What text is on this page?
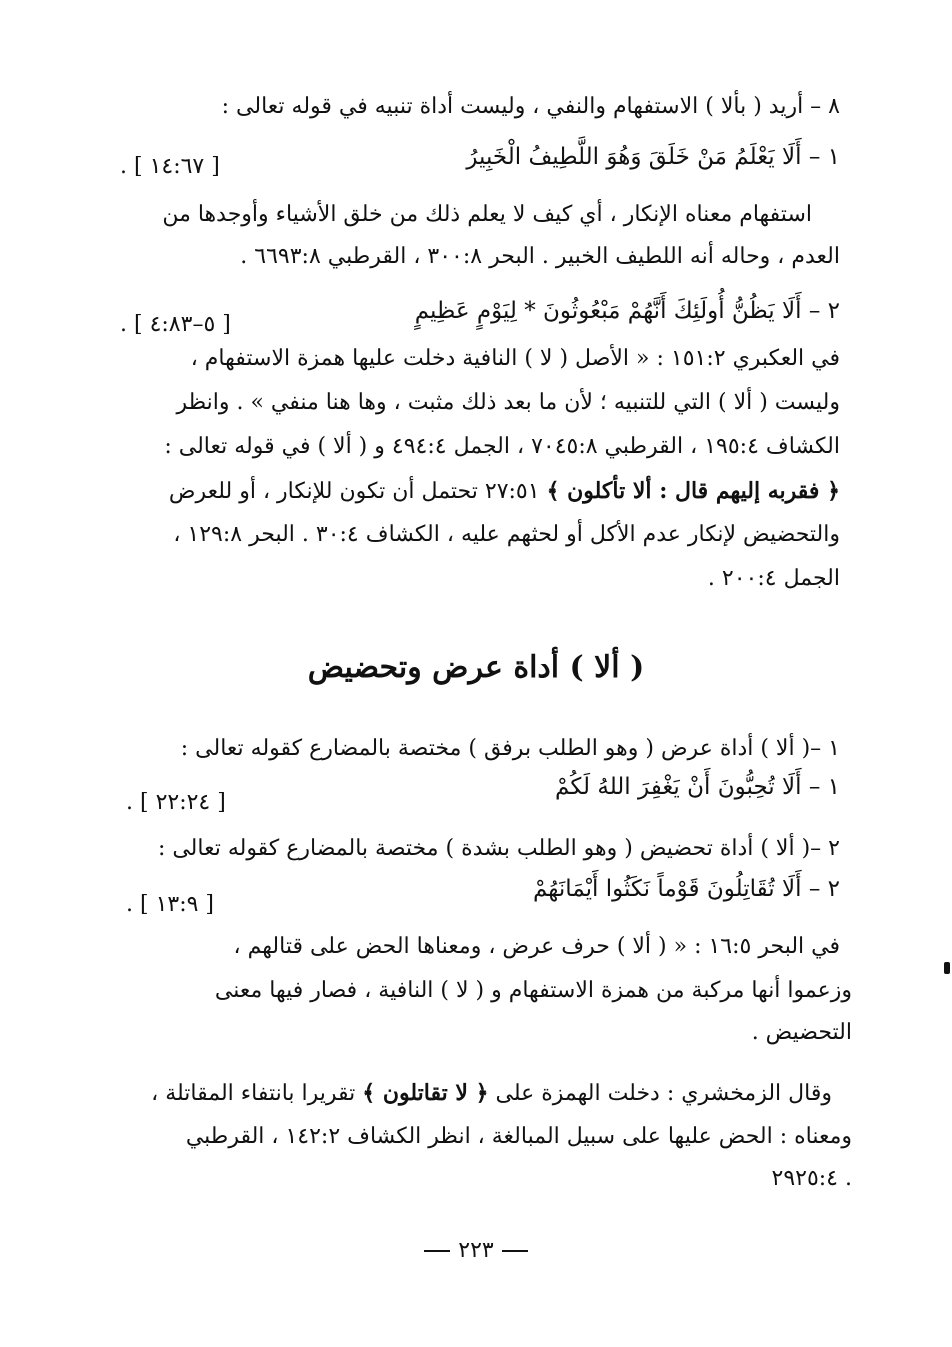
٨ – أريد ( بألا ) الاستفهام والنفي ، وليست أداة تنبيه في قوله تعالى :
١ – أَلَا يَعْلَمُ مَنْ خَلَقَ وَهُوَ اللَّطِيفُ الْخَبِيرُ
. [ ١٤:٦٧ ]
استفهام معناه الإنكار ، أي كيف لا يعلم ذلك من خلق الأشياء وأوجدها من
العدم ، وحاله أنه اللطيف الخبير . البحر ٣٠٠:٨ ، القرطبي ٦٦٩٣:٨ .
٢ – أَلَا يَظُنُّ أُولَئِكَ أَنَّهُمْ مَبْعُوثُونَ * لِيَوْمٍ عَظِيمٍ
. [ ٥–٤:٨٣ ]
في العكبري ١٥١:٢ : « الأصل ( لا ) النافية دخلت عليها همزة الاستفهام ،
وليست ( ألا ) التي للتنبيه ؛ لأن ما بعد ذلك مثبت ، وها هنا منفي » . وانظر
الكشاف ١٩٥:٤ ، القرطبي ٧٠٤٥:٨ ، الجمل ٤٩٤:٤ و ( ألا ) في قوله تعالى :
﴿ فقربه إليهم قال : ألا تأكلون ﴾ ٢٧:٥١ تحتمل أن تكون للإنكار ، أو للعرض
والتحضيض لإنكار عدم الأكل أو لحثهم عليه ، الكشاف ٣٠:٤ . البحر ١٢٩:٨ ،
الجمل ٢٠٠:٤ .
( ألا ) أداة عرض وتحضيض
١ –( ألا ) أداة عرض ( وهو الطلب برفق ) مختصة بالمضارع كقوله تعالى :
١ – أَلَا تُحِبُّونَ أَنْ يَغْفِرَ اللهُ لَكُمْ
. [ ٢٢:٢٤ ]
٢ –( ألا ) أداة تحضيض ( وهو الطلب بشدة ) مختصة بالمضارع كقوله تعالى :
٢ – أَلَا تُقَاتِلُونَ قَوْماً نَكَثُوا أَيْمَانَهُمْ
. [ ١٣:٩ ]
في البحر ١٦:٥ : « ( ألا ) حرف عرض ، ومعناها الحض على قتالهم ،
وزعموا أنها مركبة من همزة الاستفهام و ( لا ) النافية ، فصار فيها معنى
التحضيض .
وقال الزمخشري : دخلت الهمزة على ﴿ لا تقاتلون ﴾ تقريرا بانتفاء المقاتلة ،
ومعناه : الحض عليها على سبيل المبالغة ، انظر الكشاف ١٤٢:٢ ، القرطبي
٢٩٢٥:٤ .
٢٢٣
